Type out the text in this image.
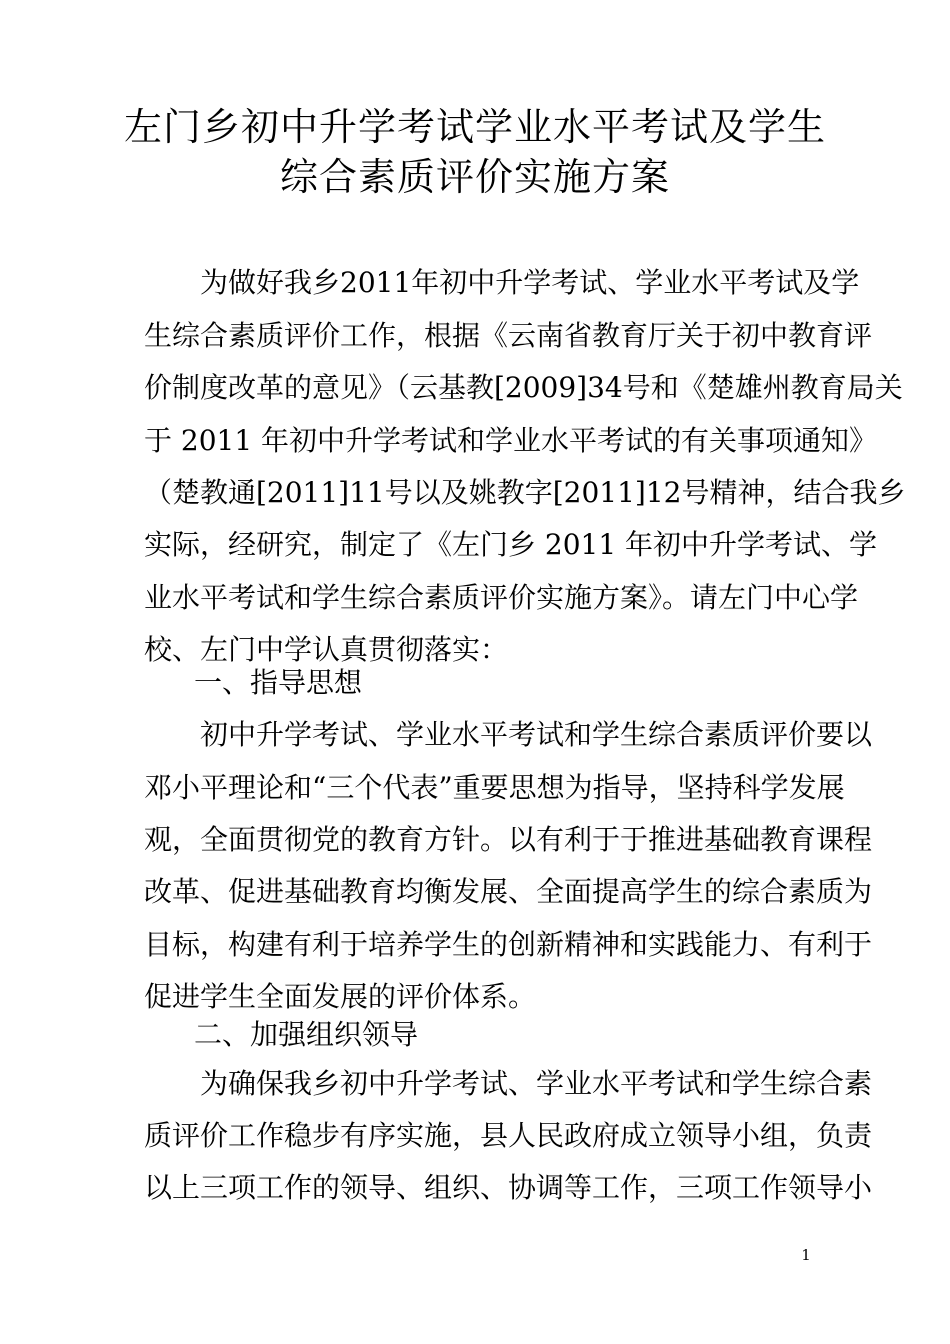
左门乡初中升学考试学业水平考试及学生
综合素质评价实施方案
为做好我乡2011年初中升学考试、学业水平考试及学
生综合素质评价工作，根据《云南省教育厅关于初中教育评
价制度改革的意见》（云基教[2009]34号和《楚雄州教育局关
于 2011 年初中升学考试和学业水平考试的有关事项通知》
（楚教通[2011]11号以及姚教字[2011]12号精神，结合我乡
实际，经研究，制定了《左门乡 2011 年初中升学考试、学
业水平考试和学生综合素质评价实施方案》。请左门中心学
校、左门中学认真贯彻落实：
一、指导思想
初中升学考试、学业水平考试和学生综合素质评价要以
邓小平理论和“三个代表”重要思想为指导，坚持科学发展
观，全面贯彻党的教育方针。以有利于于推进基础教育课程
改革、促进基础教育均衡发展、全面提高学生的综合素质为
目标，构建有利于培养学生的创新精神和实践能力、有利于
促进学生全面发展的评价体系。
二、加强组织领导
为确保我乡初中升学考试、学业水平考试和学生综合素
质评价工作稳步有序实施，县人民政府成立领导小组，负责
以上三项工作的领导、组织、协调等工作，三项工作领导小
1
